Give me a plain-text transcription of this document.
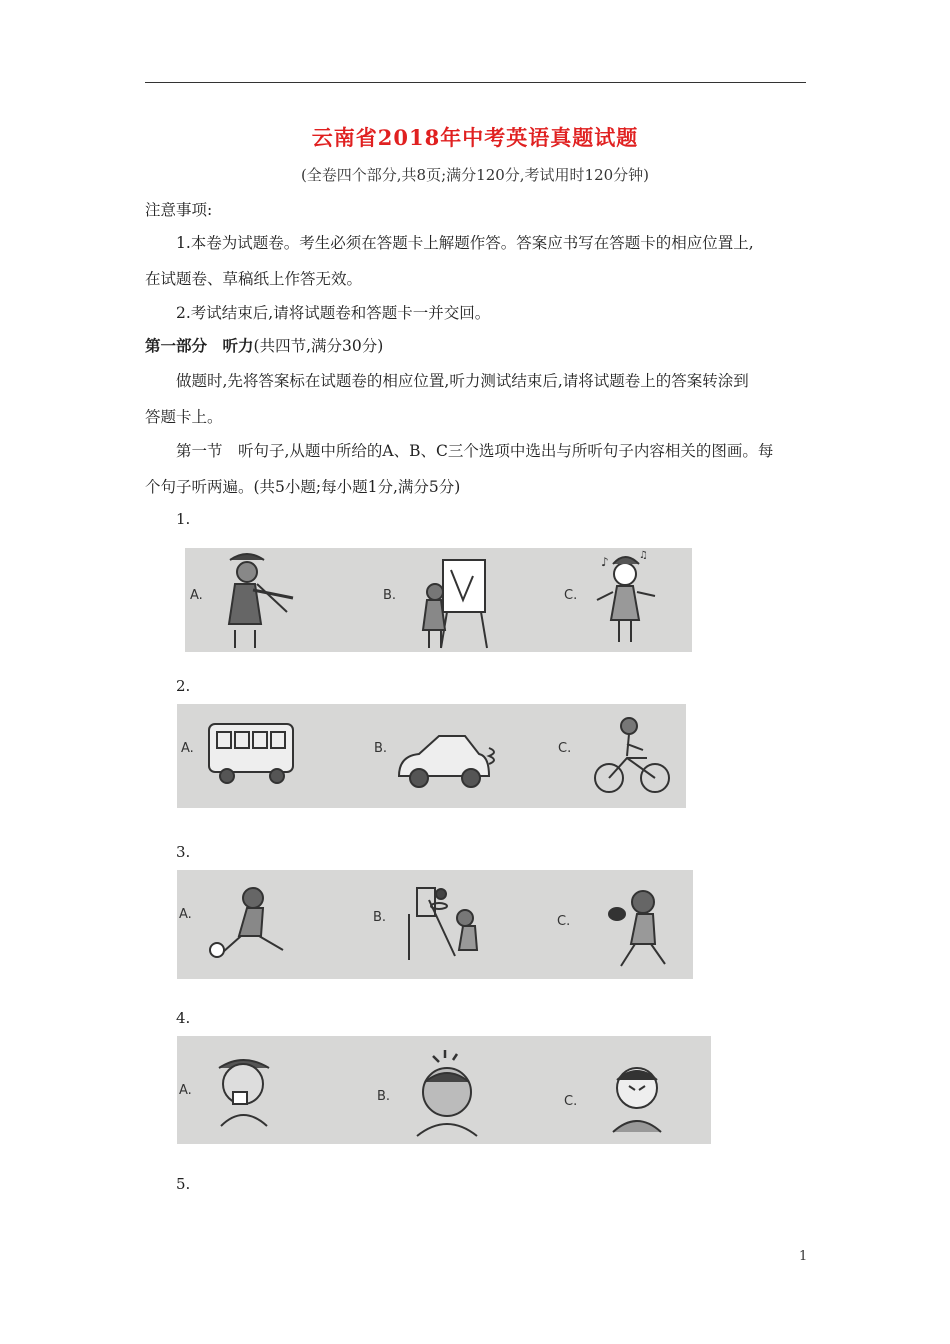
云南省2018年中考英语真题试题
(全卷四个部分,共8页;满分120分,考试用时120分钟)
注意事项:
1.本卷为试题卷。考生必须在答题卡上解题作答。答案应书写在答题卡的相应位置上,
在试题卷、草稿纸上作答无效。
2.考试结束后,请将试题卷和答题卡一并交回。
第一部分　听力(共四节,满分30分)
做题时,先将答案标在试题卷的相应位置,听力测试结束后,请将试题卷上的答案转涂到
答题卡上。
第一节　听句子,从题中所给的A、B、C三个选项中选出与所听句子内容相关的图画。每
个句子听两遍。(共5小题;每小题1分,满分5分)
1.
A.	B.	C.
♪	♫
2.
A.	B.	C.
3.
A.	B.	C.
4.
A.	B.	C.
5.
1
